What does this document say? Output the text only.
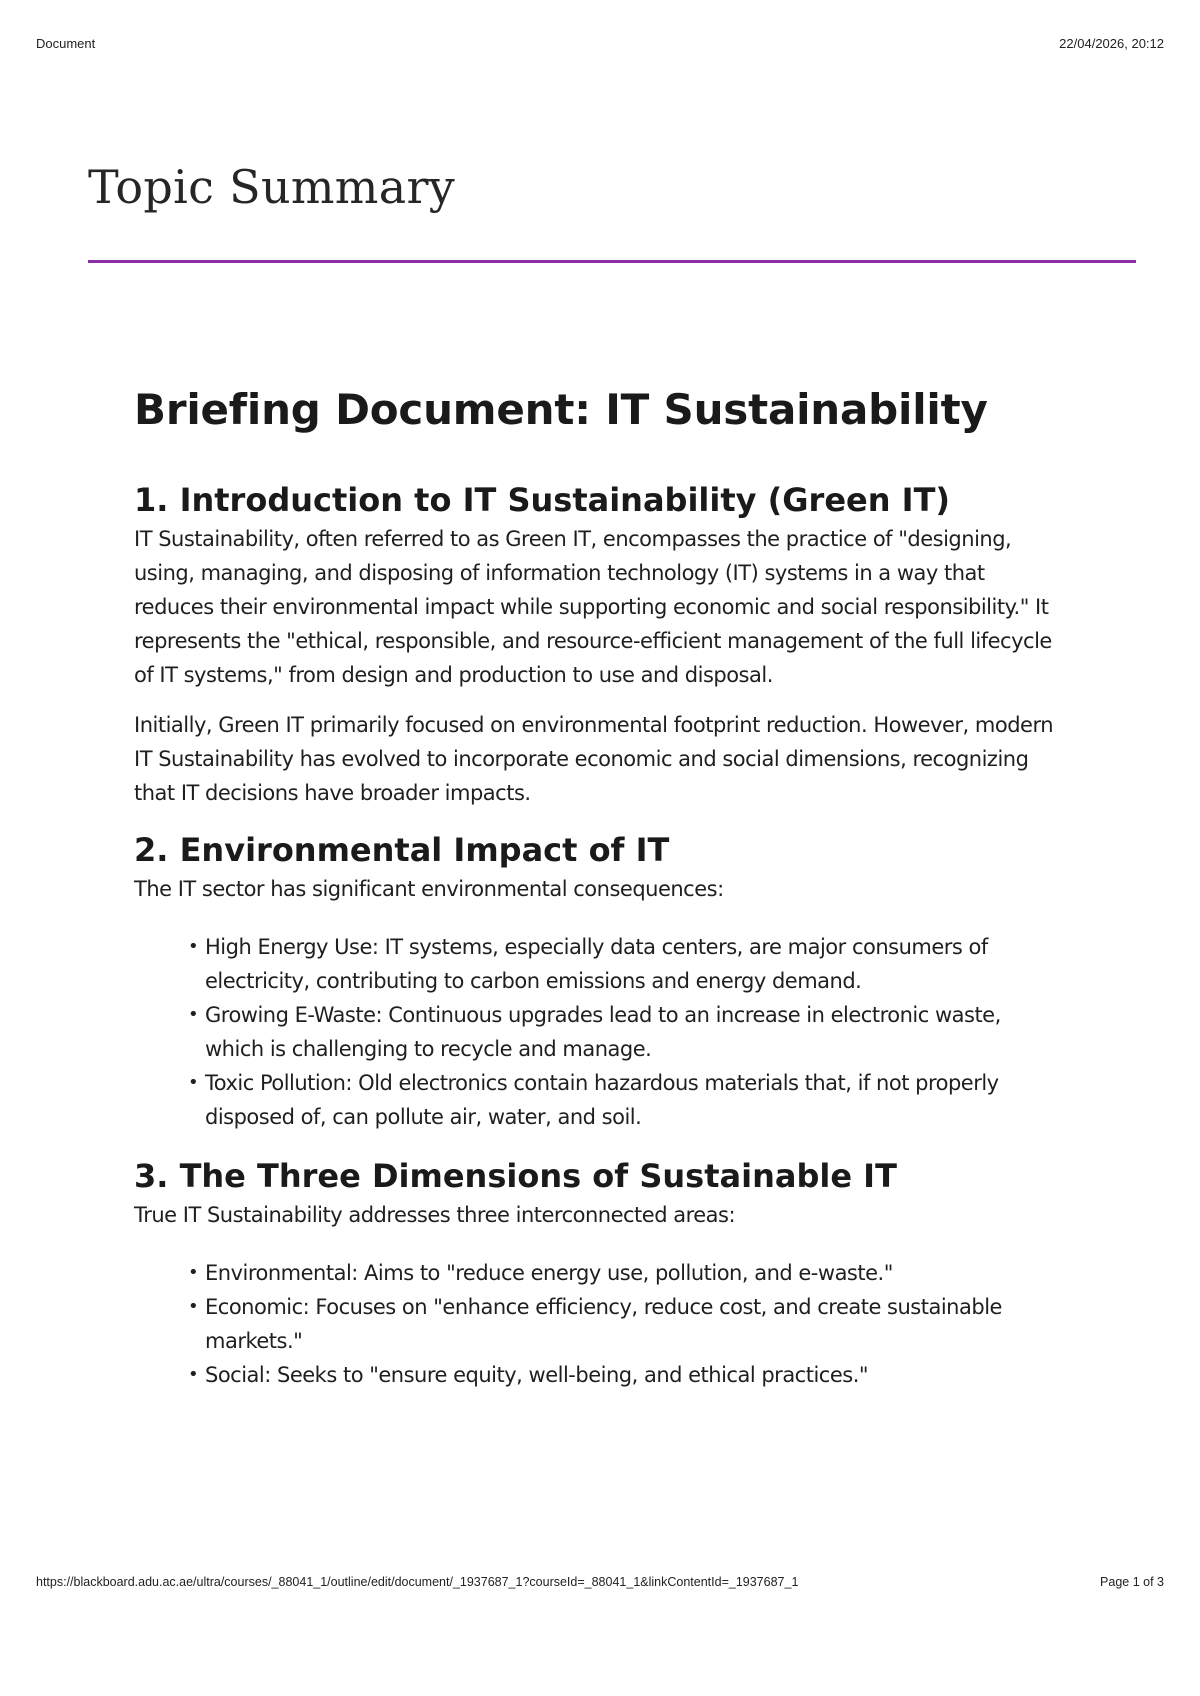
Document	22/04/2026, 20:12
Topic Summary
Briefing Document: IT Sustainability
1. Introduction to IT Sustainability (Green IT)

IT Sustainability, often referred to as Green IT, encompasses the practice of "designing, using, managing, and disposing of information technology (IT) systems in a way that reduces their environmental impact while supporting economic and social responsibility." It represents the "ethical, responsible, and resource-efficient management of the full lifecycle of IT systems," from design and production to use and disposal.

Initially, Green IT primarily focused on environmental footprint reduction. However, modern IT Sustainability has evolved to incorporate economic and social dimensions, recognizing that IT decisions have broader impacts.

2. Environmental Impact of IT

The IT sector has significant environmental consequences:

• High Energy Use: IT systems, especially data centers, are major consumers of electricity, contributing to carbon emissions and energy demand.
• Growing E-Waste: Continuous upgrades lead to an increase in electronic waste, which is challenging to recycle and manage.
• Toxic Pollution: Old electronics contain hazardous materials that, if not properly disposed of, can pollute air, water, and soil.
3. The Three Dimensions of Sustainable IT

True IT Sustainability addresses three interconnected areas:

• Environmental: Aims to "reduce energy use, pollution, and e-waste."
• Economic: Focuses on "enhance efficiency, reduce cost, and create sustainable markets."
• Social: Seeks to "ensure equity, well-being, and ethical practices."
https://blackboard.adu.ac.ae/ultra/courses/_88041_1/outline/edit/document/_1937687_1?courseId=_88041_1&linkContentId=_1937687_1	Page 1 of 3
